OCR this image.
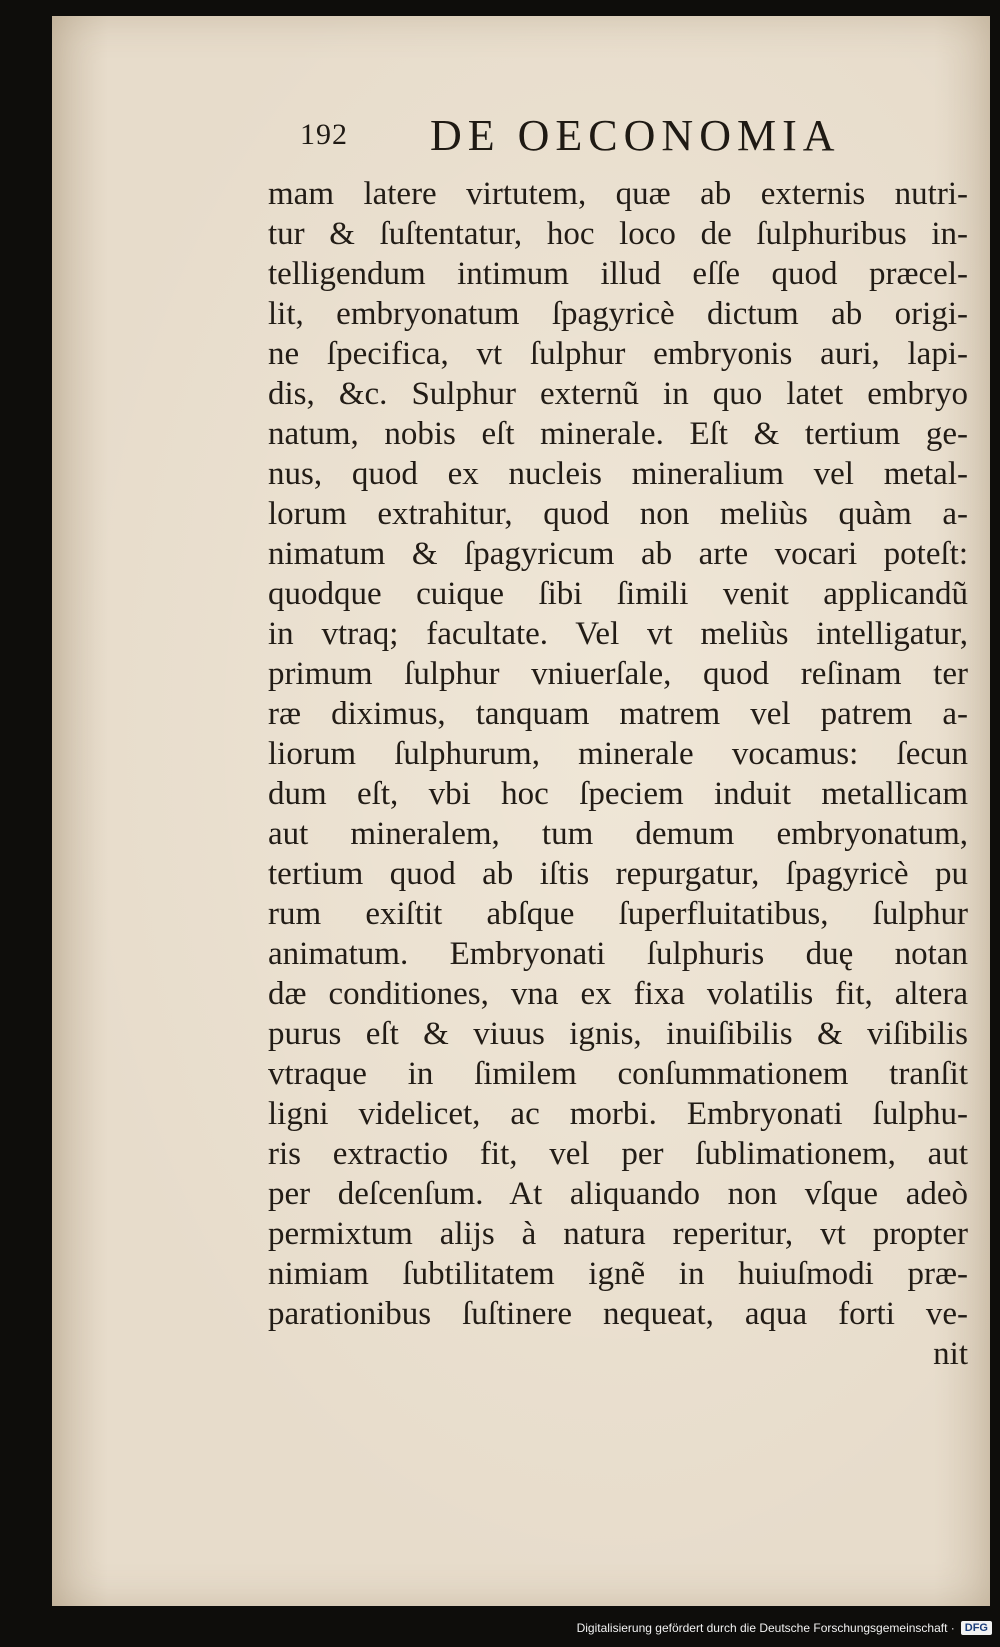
192 DE OECONOMIA
mam latere virtutem, quæ ab externis nutri-
tur & ſuſtentatur, hoc loco de ſulphuribus in-
telligendum intimum illud eſſe quod præcel-
lit, embryonatum ſpagyricè dictum ab origi-
ne ſpecifica, vt ſulphur embryonis auri, lapi-
dis, &c. Sulphur externũ in quo latet embryo
natum, nobis eſt minerale. Eſt & tertium ge-
nus, quod ex nucleis mineralium vel metal-
lorum extrahitur, quod non meliùs quàm a-
nimatum & ſpagyricum ab arte vocari poteſt:
quodque cuique ſibi ſimili venit applicandũ
in vtraq; facultate. Vel vt meliùs intelligatur,
primum ſulphur vniuerſale, quod reſinam ter
ræ diximus, tanquam matrem vel patrem a-
liorum ſulphurum, minerale vocamus: ſecun
dum eſt, vbi hoc ſpeciem induit metallicam
aut mineralem, tum demum embryonatum,
tertium quod ab iſtis repurgatur, ſpagyricè pu
rum exiſtit abſque ſuperfluitatibus, ſulphur
animatum. Embryonati ſulphuris duę notan
dæ conditiones, vna ex fixa volatilis fit, altera
purus eſt & viuus ignis, inuiſibilis & viſibilis
vtraque in ſimilem conſummationem tranſit
ligni videlicet, ac morbi. Embryonati ſulphu-
ris extractio fit, vel per ſublimationem, aut
per deſcenſum. At aliquando non vſque adeò
permixtum alijs à natura reperitur, vt propter
nimiam ſubtilitatem ignẽ in huiuſmodi præ-
parationibus ſuſtinere nequeat, aqua forti ve-
nit
Digitalisierung gefördert durch die Deutsche Forschungsgemeinschaft · DFG
